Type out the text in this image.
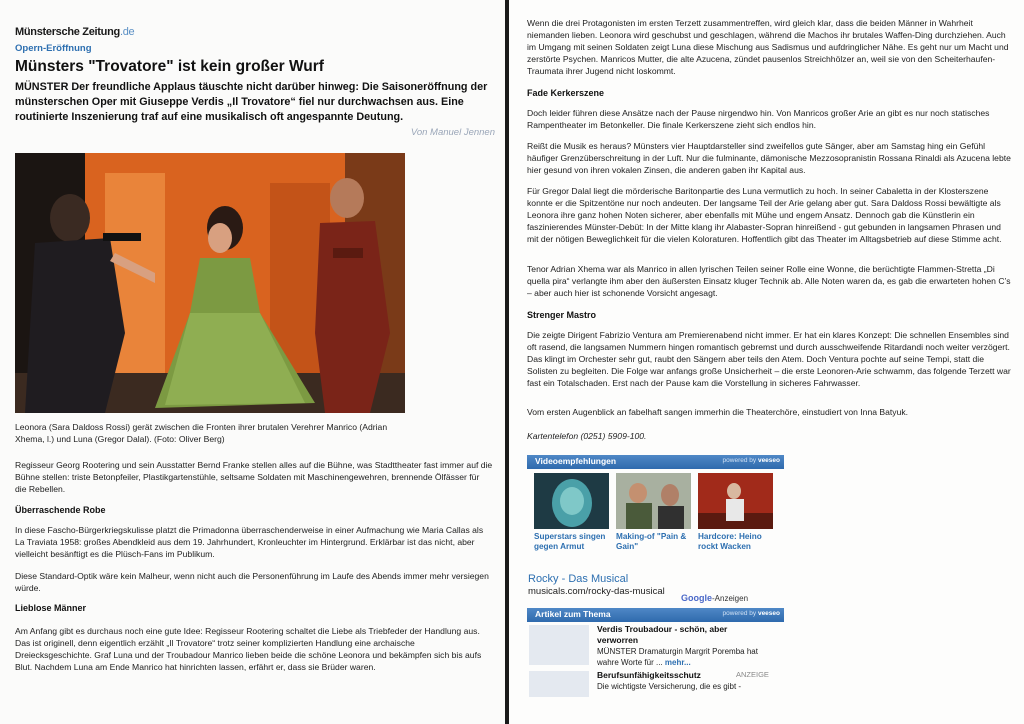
Münstersche Zeitung.de
Opern-Eröffnung
Münsters "Trovatore" ist kein großer Wurf
MÜNSTER Der freundliche Applaus täuschte nicht darüber hinweg: Die Saisoneröffnung der münsterschen Oper mit Giuseppe Verdis „Il Trovatore“ fiel nur durchwachsen aus. Eine routinierte Inszenierung traf auf eine musikalisch oft angespannte Deutung.
Von Manuel Jennen
Leonora (Sara Daldoss Rossi) gerät zwischen die Fronten ihrer brutalen Verehrer Manrico (Adrian Xhema, l.) und Luna (Gregor Dalal). (Foto: Oliver Berg)
Regisseur Georg Rootering und sein Ausstatter Bernd Franke stellen alles auf die Bühne, was Stadttheater fast immer auf die Bühne stellen: triste Betonpfeiler, Plastikgartenstühle, seltsame Soldaten mit Maschinengewehren, brennende Ölfässer für die Rebellen.
Überraschende Robe
In diese Fascho-Bürgerkriegskulisse platzt die Primadonna überraschenderweise in einer Aufmachung wie Maria Callas als La Traviata 1958: großes Abendkleid aus dem 19. Jahrhundert, Kronleuchter im Hintergrund. Erklärbar ist das nicht, aber vielleicht besänftigt es die Plüsch-Fans im Publikum.
Diese Standard-Optik wäre kein Malheur, wenn nicht auch die Personenführung im Laufe des Abends immer mehr versiegen würde.
Lieblose Männer
Am Anfang gibt es durchaus noch eine gute Idee: Regisseur Rootering schaltet die Liebe als Triebfeder der Handlung aus. Das ist originell, denn eigentlich erzählt „Il Trovatore“ trotz seiner komplizierten Handlung eine archaische Dreiecksgeschichte. Graf Luna und der Troubadour Manrico lieben beide die schöne Leonora und bekämpfen sich bis aufs Blut. Nachdem Luna am Ende Manrico hat hinrichten lassen, erfährt er, dass sie Brüder waren.
Wenn die drei Protagonisten im ersten Terzett zusammentreffen, wird gleich klar, dass die beiden Männer in Wahrheit niemanden lieben. Leonora wird geschubst und geschlagen, während die Machos ihr brutales Waffen-Ding durchziehen. Auch im Umgang mit seinen Soldaten zeigt Luna diese Mischung aus Sadismus und aufdringlicher Nähe. Es geht nur um Macht und zerstörte Psychen. Manricos Mutter, die alte Azucena, zündet pausenlos Streichhölzer an, weil sie von den Scheiterhaufen-Traumata ihrer Jugend nicht loskommt.
Fade Kerkerszene
Doch leider führen diese Ansätze nach der Pause nirgendwo hin. Von Manricos großer Arie an gibt es nur noch statisches Rampentheater im Betonkeller. Die finale Kerkerszene zieht sich endlos hin.
Reißt die Musik es heraus? Münsters vier Hauptdarsteller sind zweifellos gute Sänger, aber am Samstag hing ein Gefühl häufiger Grenzüberschreitung in der Luft. Nur die fulminante, dämonische Mezzosopranistin Rossana Rinaldi als Azucena lebte hier gesund von ihren vokalen Zinsen, die anderen gaben ihr Kapital aus.
Für Gregor Dalal liegt die mörderische Baritonpartie des Luna vermutlich zu hoch. In seiner Cabaletta in der Klosterszene konnte er die Spitzentöne nur noch andeuten. Der langsame Teil der Arie gelang aber gut. Sara Daldoss Rossi bewältigte als Leonora ihre ganz hohen Noten sicherer, aber ebenfalls mit Mühe und engem Ansatz. Dennoch gab die Künstlerin ein faszinierendes Münster-Debüt: In der Mitte klang ihr Alabaster-Sopran hinreißend - gut gebunden in langsamen Phrasen und mit der nötigen Beweglichkeit für die vielen Koloraturen. Hoffentlich gibt das Theater im Alltagsbetrieb auf diese Stimme acht.
Tenor Adrian Xhema war als Manrico in allen lyrischen Teilen seiner Rolle eine Wonne, die berüchtigte Flammen-Stretta „Di quella pira“ verlangte ihm aber den äußersten Einsatz kluger Technik ab. Alle Noten waren da, es gab die erwarteten hohen C’s – aber auch hier ist schonende Vorsicht angesagt.
Strenger Mastro
Die zeigte Dirigent Fabrizio Ventura am Premierenabend nicht immer. Er hat ein klares Konzept: Die schnellen Ensembles sind oft rasend, die langsamen Nummern hingen romantisch gebremst und durch ausschweifende Ritardandi noch weiter verzögert. Das klingt im Orchester sehr gut, raubt den Sängern aber teils den Atem. Doch Ventura pochte auf seine Tempi, statt die Solisten zu begleiten. Die Folge war anfangs große Unsicherheit – die erste Leonoren-Arie schwamm, das folgende Terzett war fast ein Totalschaden. Erst nach der Pause kam die Vorstellung in sicheres Fahrwasser.
Vom ersten Augenblick an fabelhaft sangen immerhin die Theaterchöre, einstudiert von Inna Batyuk.
Kartentelefon (0251) 5909-100.
Videoempfehlungen	powered by veeseo
Superstars singen gegen Armut
Making-of "Pain & Gain"
Hardcore: Heino rockt Wacken
Rocky - Das Musical
musicals.com/rocky-das-musical
Google-Anzeigen
Artikel zum Thema	powered by veeseo
Verdis Troubadour - schön, aber verworren
MÜNSTER Dramaturgin Margrit Poremba hat wahre Worte für ... mehr...
Berufsunfähigkeitsschutz	ANZEIGE
Die wichtigste Versicherung, die es gibt -
